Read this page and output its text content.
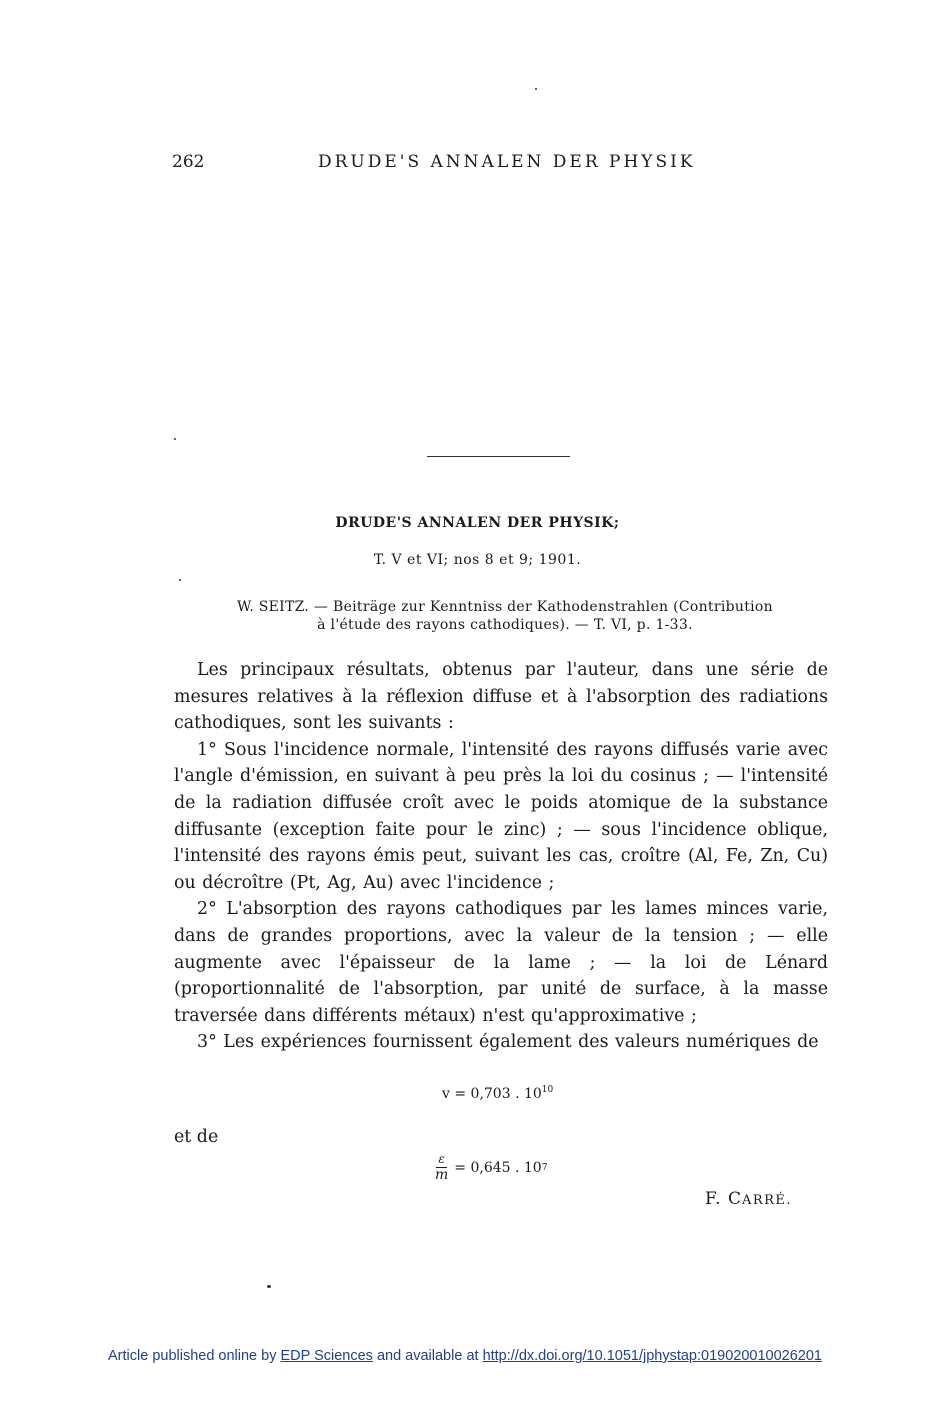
262	DRUDE'S ANNALEN DER PHYSIK
DRUDE'S ANNALEN DER PHYSIK;
T. V et VI; nos 8 et 9; 1901.
W. SEITZ. — Beiträge zur Kenntniss der Kathodenstrahlen (Contribution
à l'étude des rayons cathodiques). — T. VI, p. 1-33.

Les principaux résultats, obtenus par l'auteur, dans une série de mesures relatives à la réflexion diffuse et à l'absorption des radiations cathodiques, sont les suivants :

1° Sous l'incidence normale, l'intensité des rayons diffusés varie avec l'angle d'émission, en suivant à peu près la loi du cosinus ; — l'intensité de la radiation diffusée croît avec le poids atomique de la substance diffusante (exception faite pour le zinc) ; — sous l'incidence oblique, l'intensité des rayons émis peut, suivant les cas, croître (Al, Fe, Zn, Cu) ou décroître (Pt, Ag, Au) avec l'incidence ;

2° L'absorption des rayons cathodiques par les lames minces varie, dans de grandes proportions, avec la valeur de la tension ; — elle augmente avec l'épaisseur de la lame ; — la loi de Lénard (proportionnalité de l'absorption, par unité de surface, à la masse traversée dans différents métaux) n'est qu'approximative ;

3° Les expériences fournissent également des valeurs numériques de

v = 0,703 . $10^{10}$
et de
$\frac{\varepsilon}{m} = 0,645$ . 10 7
F. CARRÉ.
Article published online by EDP Sciences and available at http://dx.doi.org/10.1051/jphystap:019020010026201
